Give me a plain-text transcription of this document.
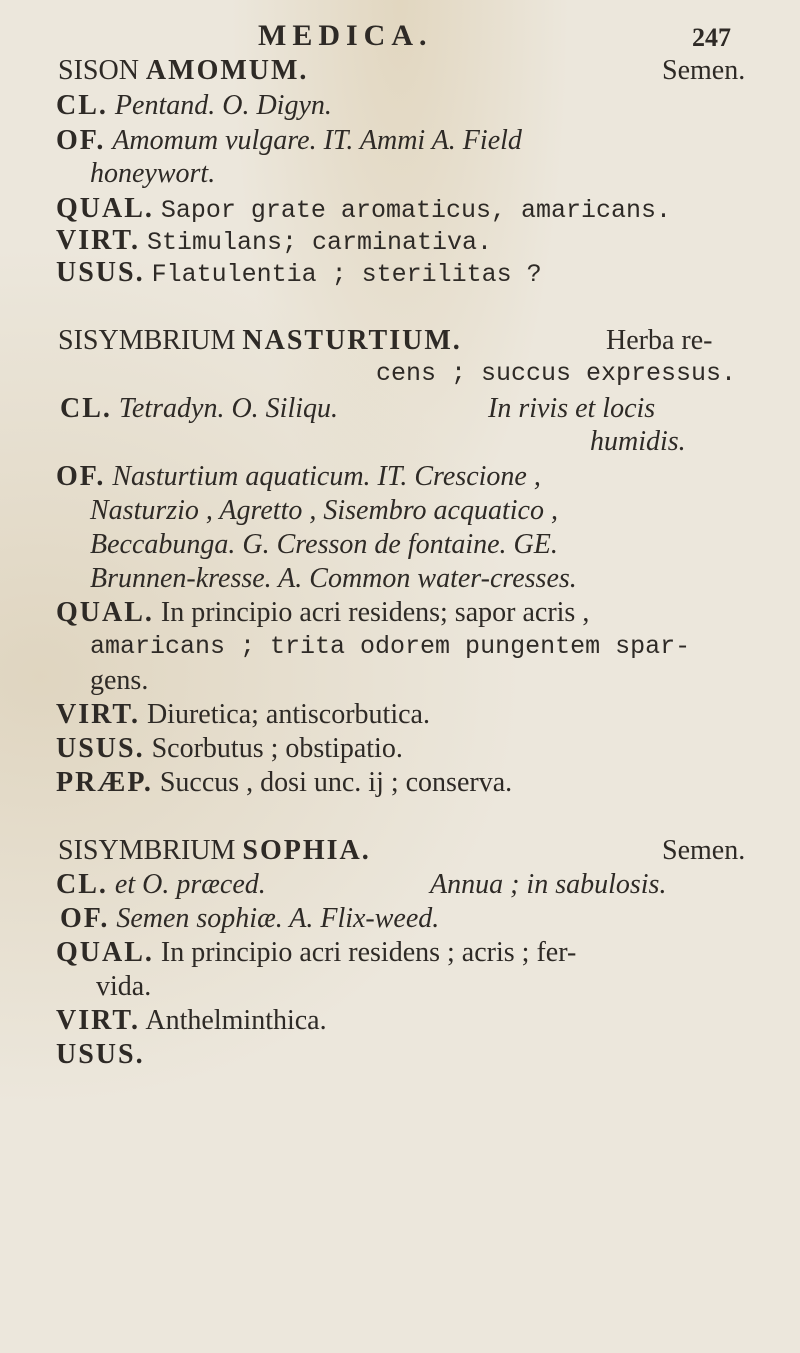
MEDICA.	247
SISON AMOMUM.	Semen.
CL. Pentand. O. Digyn.
OF. Amomum vulgare. IT. Ammi A. Field
honeywort.
QUAL. Sapor grate aromaticus, amaricans.
VIRT. Stimulans; carminativa.
USUS. Flatulentia ; sterilitas ?
SISYMBRIUM NASTURTIUM.	Herba re-
cens ; succus expressus.
CL. Tetradyn. O. Siliqu.	In rivis et locis
humidis.
OF. Nasturtium aquaticum. IT. Crescione ,
Nasturzio , Agretto , Sisembro acquatico ,
Beccabunga. G. Cresson de fontaine. GE.
Brunnen-kresse. A. Common water-cresses.
QUAL. In principio acri residens; sapor acris ,
amaricans ; trita odorem pungentem spar-
gens.
VIRT. Diuretica; antiscorbutica.
USUS. Scorbutus ; obstipatio.
PRÆP. Succus , dosi unc. ij ; conserva.
SISYMBRIUM SOPHIA.	Semen.
CL. et O. præced.	Annua ; in sabulosis.
OF. Semen sophiæ. A. Flix-weed.
QUAL. In principio acri residens ; acris ; fer-
vida.
VIRT. Anthelminthica.
USUS.
